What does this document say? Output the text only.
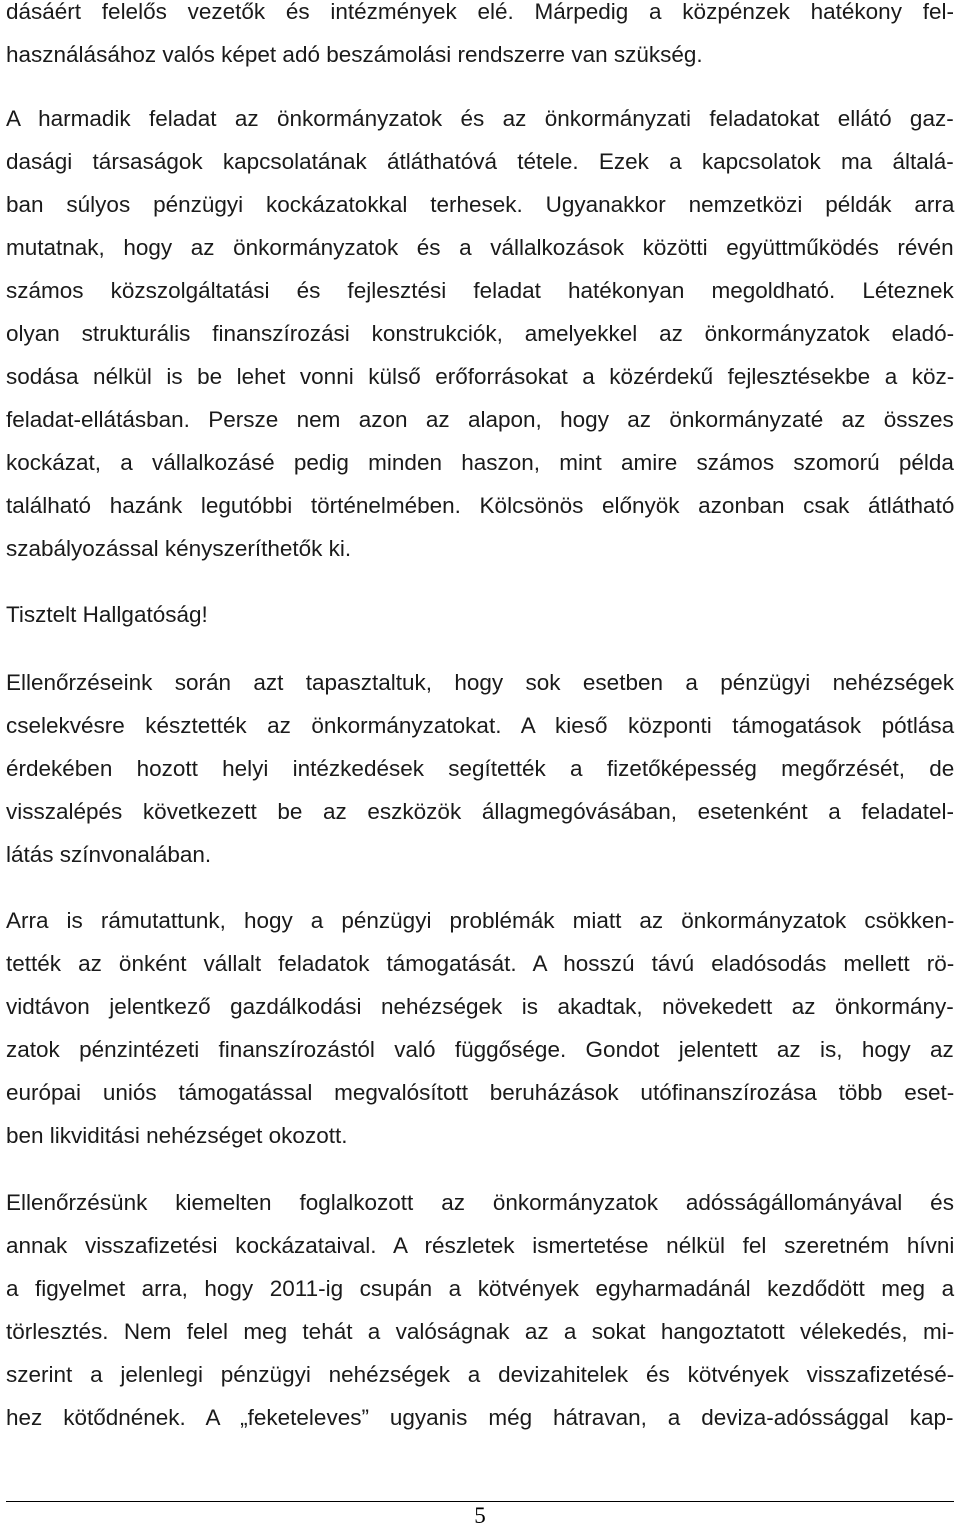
dásáért felelős vezetők és intézmények elé. Márpedig a közpénzek hatékony fel-
használásához valós képet adó beszámolási rendszerre van szükség.
A harmadik feladat az önkormányzatok és az önkormányzati feladatokat ellátó gaz-
dasági társaságok kapcsolatának átláthatóvá tétele. Ezek a kapcsolatok ma általá-
ban súlyos pénzügyi kockázatokkal terhesek. Ugyanakkor nemzetközi példák arra
mutatnak, hogy az önkormányzatok és a vállalkozások közötti együttműködés révén
számos közszolgáltatási és fejlesztési feladat hatékonyan megoldható. Léteznek
olyan strukturális finanszírozási konstrukciók, amelyekkel az önkormányzatok eladó-
sodása nélkül is be lehet vonni külső erőforrásokat a közérdekű fejlesztésekbe a köz-
feladat-ellátásban. Persze nem azon az alapon, hogy az önkormányzaté az összes
kockázat, a vállalkozásé pedig minden haszon, mint amire számos szomorú példa
található hazánk legutóbbi történelmében. Kölcsönös előnyök azonban csak átlátható
szabályozással kényszeríthetők ki.
Tisztelt Hallgatóság!
Ellenőrzéseink során azt tapasztaltuk, hogy sok esetben a pénzügyi nehézségek
cselekvésre késztették az önkormányzatokat. A kieső központi támogatások pótlása
érdekében hozott helyi intézkedések segítették a fizetőképesség megőrzését, de
visszalépés következett be az eszközök állagmegóvásában, esetenként a feladatel-
látás színvonalában.
Arra is rámutattunk, hogy a pénzügyi problémák miatt az önkormányzatok csökken-
tették az önként vállalt feladatok támogatását. A hosszú távú eladósodás mellett rö-
vidtávon jelentkező gazdálkodási nehézségek is akadtak, növekedett az önkormány-
zatok pénzintézeti finanszírozástól való függősége. Gondot jelentett az is, hogy az
európai uniós támogatással megvalósított beruházások utófinanszírozása több eset-
ben likviditási nehézséget okozott.
Ellenőrzésünk kiemelten foglalkozott az önkormányzatok adósságállományával és
annak visszafizetési kockázataival. A részletek ismertetése nélkül fel szeretném hívni
a figyelmet arra, hogy 2011-ig csupán a kötvények egyharmadánál kezdődött meg a
törlesztés. Nem felel meg tehát a valóságnak az a sokat hangoztatott vélekedés, mi-
szerint a jelenlegi pénzügyi nehézségek a devizahitelek és kötvények visszafizetésé-
hez kötődnének. A „feketeleves” ugyanis még hátravan, a deviza-adóssággal kap-
5
